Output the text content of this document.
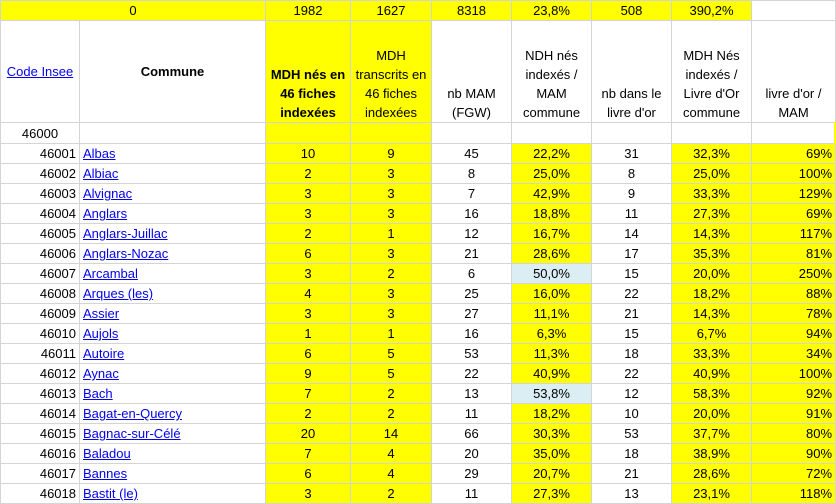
0		1982	1627	8318	23,8%	508	390,2%	
Code Insee	Commune	MDH nés en 46 fiches indexées	MDH transcrits en 46 fiches indexées	nb MAM (FGW)	NDH nés indexés / MAM commune	nb dans le livre d'or	MDH Nés indexés / Livre d'Or commune	livre d'or / MAM
46000								
46001	Albas	10	9	45	22,2%	31	32,3%	69%
46002	Albiac	2	3	8	25,0%	8	25,0%	100%
46003	Alvignac	3	3	7	42,9%	9	33,3%	129%
46004	Anglars	3	3	16	18,8%	11	27,3%	69%
46005	Anglars-Juillac	2	1	12	16,7%	14	14,3%	117%
46006	Anglars-Nozac	6	3	21	28,6%	17	35,3%	81%
46007	Arcambal	3	2	6	50,0%	15	20,0%	250%
46008	Arques (les)	4	3	25	16,0%	22	18,2%	88%
46009	Assier	3	3	27	11,1%	21	14,3%	78%
46010	Aujols	1	1	16	6,3%	15	6,7%	94%
46011	Autoire	6	5	53	11,3%	18	33,3%	34%
46012	Aynac	9	5	22	40,9%	22	40,9%	100%
46013	Bach	7	2	13	53,8%	12	58,3%	92%
46014	Bagat-en-Quercy	2	2	11	18,2%	10	20,0%	91%
46015	Bagnac-sur-Célé	20	14	66	30,3%	53	37,7%	80%
46016	Baladou	7	4	20	35,0%	18	38,9%	90%
46017	Bannes	6	4	29	20,7%	21	28,6%	72%
46018	Bastit (le)	3	2	11	27,3%	13	23,1%	118%
